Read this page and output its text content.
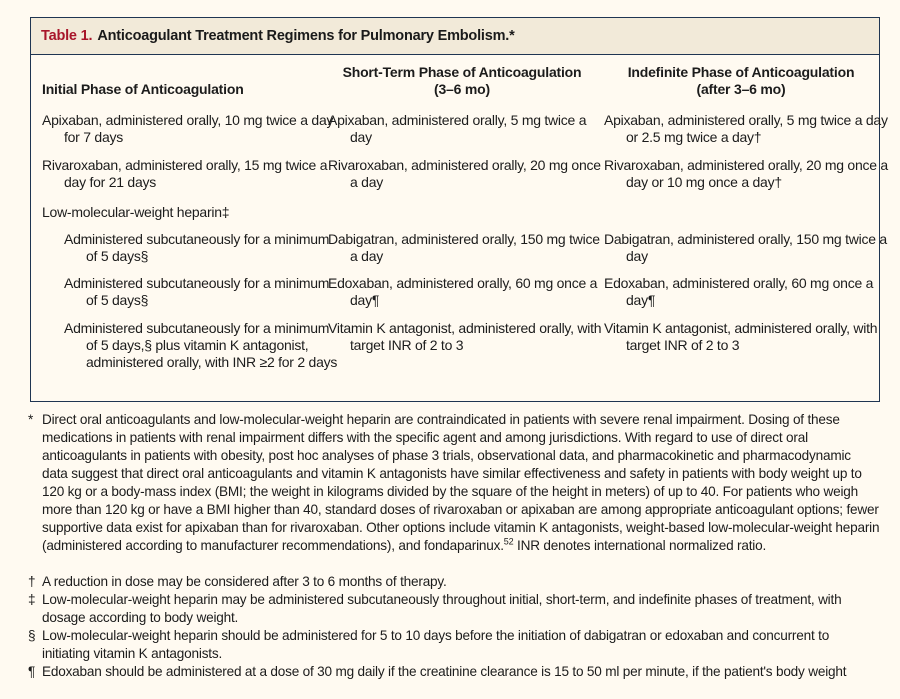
Table 1. Anticoagulant Treatment Regimens for Pulmonary Embolism.*
Initial Phase of Anticoagulation
Short-Term Phase of Anticoagulation
(3–6 mo)
Indefinite Phase of Anticoagulation
(after 3–6 mo)
Apixaban, administered orally, 10 mg twice a day for 7 days
Apixaban, administered orally, 5 mg twice a day
Apixaban, administered orally, 5 mg twice a day or 2.5 mg twice a day†
Rivaroxaban, administered orally, 15 mg twice a day for 21 days
Rivaroxaban, administered orally, 20 mg once a day
Rivaroxaban, administered orally, 20 mg once a day or 10 mg once a day†
Low-molecular-weight heparin‡
Administered subcutaneously for a minimum of 5 days§
Dabigatran, administered orally, 150 mg twice a day
Dabigatran, administered orally, 150 mg twice a day
Administered subcutaneously for a minimum of 5 days§
Edoxaban, administered orally, 60 mg once a day¶
Edoxaban, administered orally, 60 mg once a day¶
Administered subcutaneously for a minimum of 5 days,§ plus vitamin K antagonist, administered orally, with INR ≥2 for 2 days
Vitamin K antagonist, administered orally, with target INR of 2 to 3
Vitamin K antagonist, administered orally, with target INR of 2 to 3
* Direct oral anticoagulants and low-molecular-weight heparin are contraindicated in patients with severe renal impairment. Dosing of these medications in patients with renal impairment differs with the specific agent and among jurisdictions. With regard to use of direct oral anticoagulants in patients with obesity, post hoc analyses of phase 3 trials, observational data, and pharmacokinetic and pharmacodynamic data suggest that direct oral anticoagulants and vitamin K antagonists have similar effectiveness and safety in patients with body weight up to 120 kg or a body-mass index (BMI; the weight in kilograms divided by the square of the height in meters) of up to 40. For patients who weigh more than 120 kg or have a BMI higher than 40, standard doses of rivaroxaban or apixaban are among appropriate anticoagulant options; fewer supportive data exist for apixaban than for rivaroxaban. Other options include vitamin K antagonists, weight-based low-molecular-weight heparin (administered according to manufacturer recommendations), and fondaparinux.$^{52}$ INR denotes international normalized ratio.
† A reduction in dose may be considered after 3 to 6 months of therapy.
‡ Low-molecular-weight heparin may be administered subcutaneously throughout initial, short-term, and indefinite phases of treatment, with dosage according to body weight.
§ Low-molecular-weight heparin should be administered for 5 to 10 days before the initiation of dabigatran or edoxaban and concurrent to initiating vitamin K antagonists.
¶ Edoxaban should be administered at a dose of 30 mg daily if the creatinine clearance is 15 to 50 ml per minute, if the patient's body weight
